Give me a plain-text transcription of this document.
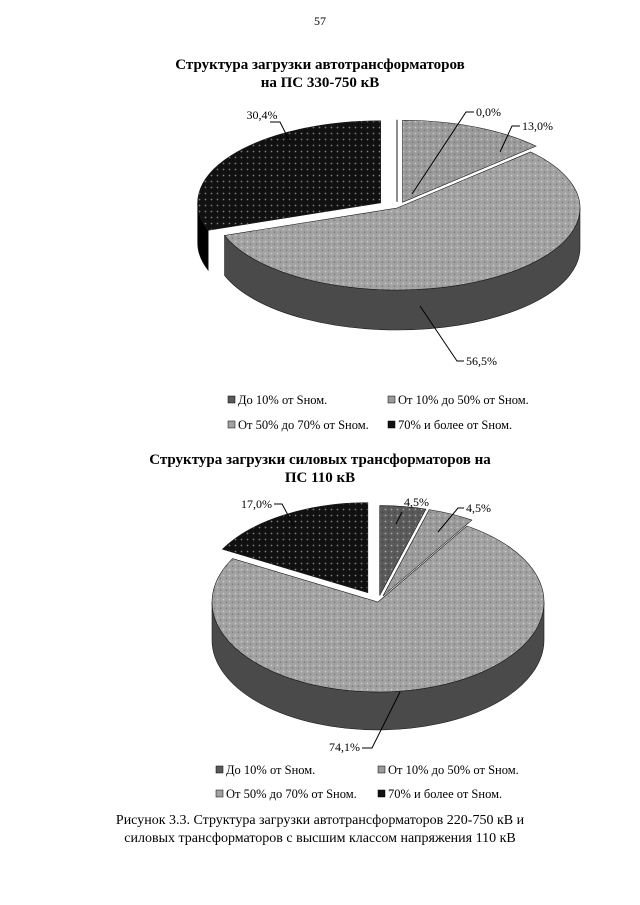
57
Структура загрузки автотрансформаторов
на ПС 330-750 кВ
0,0%
13,0%
56,5%
30,4%
До 10% от Sном.	От 10% до 50% от Sном.
От 50% до 70% от Sном. 70% и более от Sном.
Структура загрузки силовых трансформаторов на
ПС 110 кВ
4,5%	4,5%
74,1%
17,0%
До 10% от Sном.	От 10% до 50% от Sном.
От 50% до 70% от Sном. 70% и более от Sном.
Рисунок 3.3. Структура загрузки автотрансформаторов 220-750 кВ и
силовых трансформаторов с высшим классом напряжения 110 кВ
